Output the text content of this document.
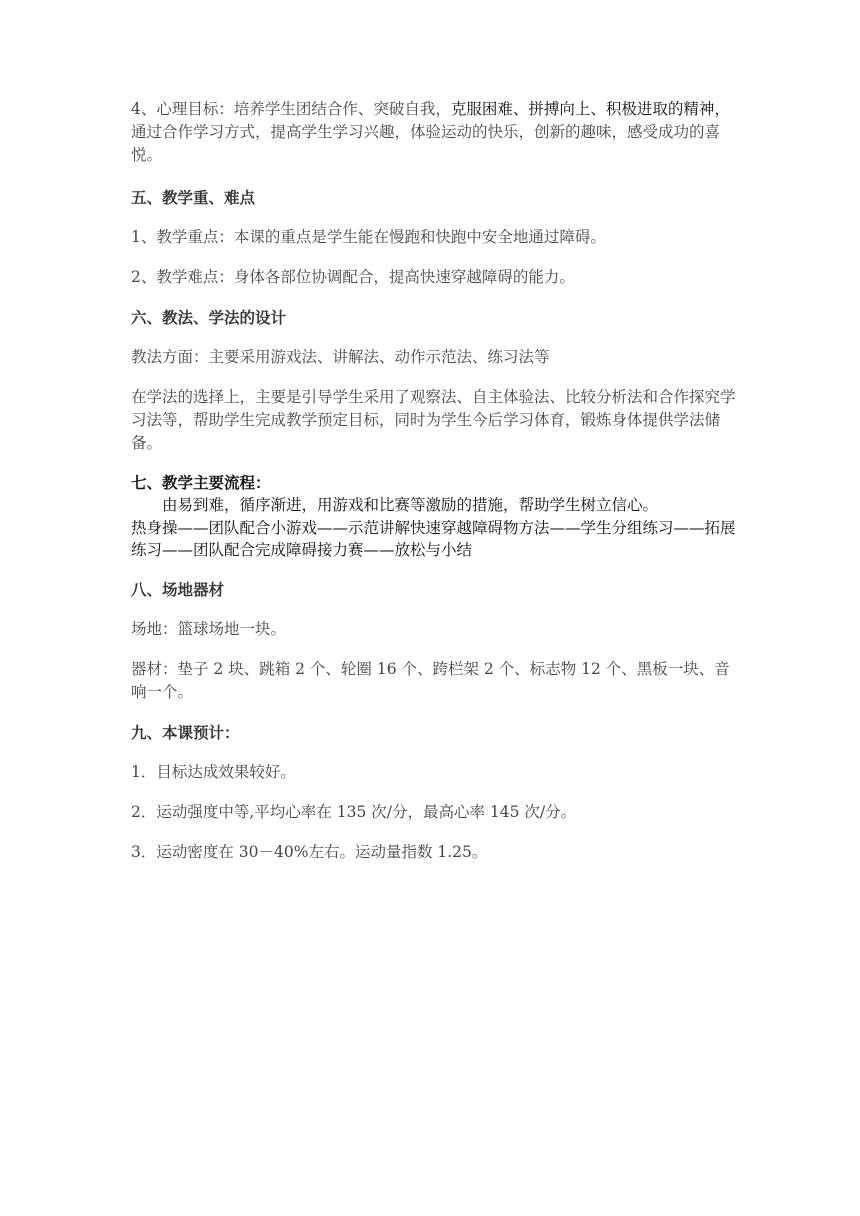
4、心理目标：培养学生团结合作、突破自我，克服困难、拼搏向上、积极进取的精神，通过合作学习方式，提高学生学习兴趣，体验运动的快乐，创新的趣味，感受成功的喜悦。

五、教学重、难点

1、教学重点：本课的重点是学生能在慢跑和快跑中安全地通过障碍。

2、教学难点：身体各部位协调配合，提高快速穿越障碍的能力。

六、教法、学法的设计

教法方面：主要采用游戏法、讲解法、动作示范法、练习法等

在学法的选择上，主要是引导学生采用了观察法、自主体验法、比较分析法和合作探究学习法等，帮助学生完成教学预定目标，同时为学生今后学习体育，锻炼身体提供学法储备。

七、教学主要流程：

由易到难，循序渐进，用游戏和比赛等激励的措施，帮助学生树立信心。

热身操——团队配合小游戏——示范讲解快速穿越障碍物方法——学生分组练习——拓展练习——团队配合完成障碍接力赛——放松与小结

八、场地器材

场地：篮球场地一块。

器材：垫子 2 块、跳箱 2 个、轮圈 16 个、跨栏架 2 个、标志物 12 个、黑板一块、音响一个。

九、本课预计：

1．目标达成效果较好。

2．运动强度中等,平均心率在 135 次/分，最高心率 145 次/分。

3．运动密度在 30－40%左右。运动量指数 1.25。
